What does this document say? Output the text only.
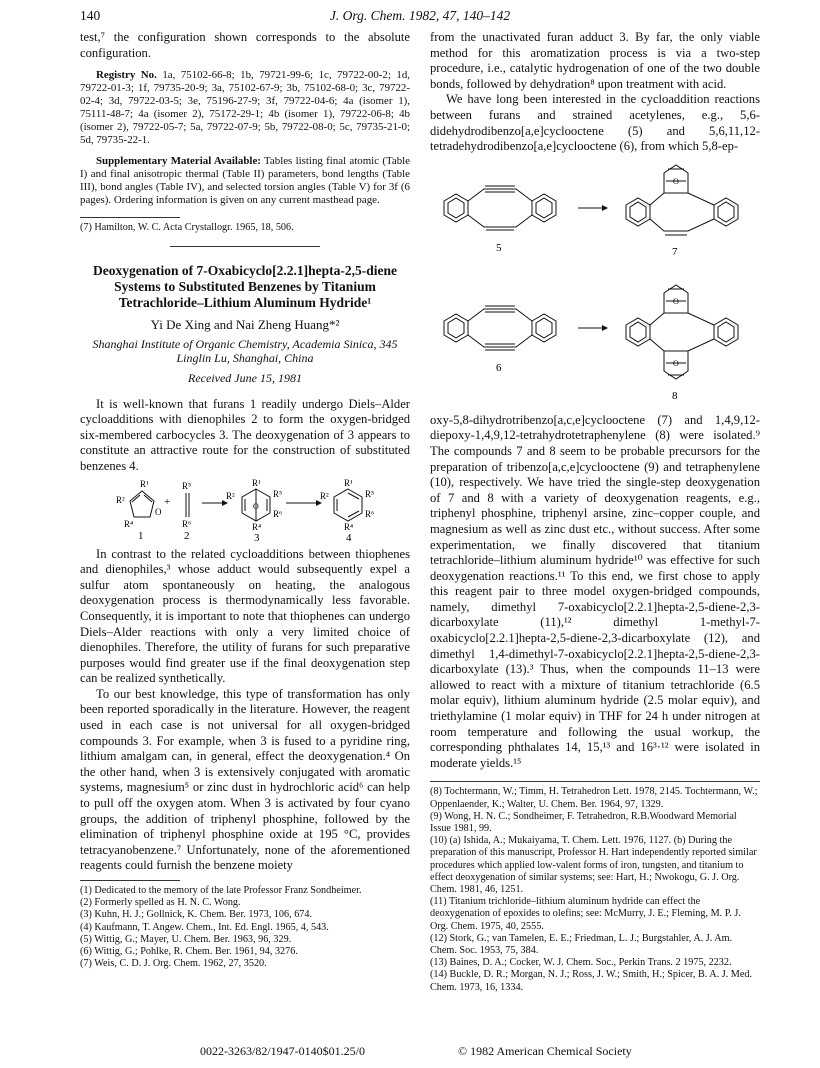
140	J. Org. Chem. 1982, 47, 140–142

test,⁷ the configuration shown corresponds to the absolute configuration.

Registry No. 1a, 75102-66-8; 1b, 79721-99-6; 1c, 79722-00-2; 1d, 79722-01-3; 1f, 79735-20-9; 3a, 75102-67-9; 3b, 75102-68-0; 3c, 79722-02-4; 3d, 79722-03-5; 3e, 75196-27-9; 3f, 79722-04-6; 4a (isomer 1), 75111-48-7; 4a (isomer 2), 75172-29-1; 4b (isomer 1), 79722-06-8; 4b (isomer 2), 79722-05-7; 5a, 79722-07-9; 5b, 79722-08-0; 5c, 79735-21-0; 5d, 79735-22-1.

Supplementary Material Available: Tables listing final atomic (Table I) and final anisotropic thermal (Table II) parameters, bond lengths (Table III), bond angles (Table IV), and selected torsion angles (Table V) for 3f (6 pages). Ordering information is given on any current masthead page.

(7) Hamilton, W. C. Acta Crystallogr. 1965, 18, 506.

Deoxygenation of 7-Oxabicyclo[2.2.1]hepta-2,5-diene Systems to Substituted Benzenes by Titanium Tetrachloride–Lithium Aluminum Hydride¹
Yi De Xing and Nai Zheng Huang*²
Shanghai Institute of Organic Chemistry, Academia Sinica, 345 Linglin Lu, Shanghai, China
Received June 15, 1981

It is well-known that furans 1 readily undergo Diels–Alder cycloadditions with dienophiles 2 to form the oxygen-bridged six-membered carbocycles 3. The deoxygenation of 3 appears to constitute an attractive route for the construction of substituted benzenes 4.

R¹
R²
O
R⁴
1
+
R⁵
R⁶
2
O
R¹
R²	R⁵
R⁶
R⁴
3
R¹
R²	R⁵
R⁶
R⁴
4

In contrast to the related cycloadditions between thiophenes and dienophiles,³ whose adduct would subsequently expel a sulfur atom spontaneously on heating, the analogous deoxygenation process is thermodynamically less favorable. Consequently, it is important to note that thiophenes can undergo Diels–Alder reactions with only a very limited choice of dienophiles. Therefore, the utility of furans for such preparative purposes would find greater use if the final deoxygenation step can be realized synthetically.

To our best knowledge, this type of transformation has only been reported sporadically in the literature. However, the reagent used in each case is not universal for all oxygen-bridged compounds 3. For example, when 3 is fused to a pyridine ring, lithium amalgam can, in general, effect the deoxygenation.⁴ On the other hand, when 3 is extensively conjugated with aromatic systems, magnesium⁵ or zinc dust in hydrochloric acid⁶ can help to pull off the oxygen atom. When 3 is activated by four cyano groups, the addition of triphenyl phosphine, followed by the elimination of triphenyl phosphine oxide at 195 °C, provides tetracyanobenzene.⁷ Unfortunately, none of the aforementioned reagents could furnish the benzene moiety

(1) Dedicated to the memory of the late Professor Franz Sondheimer.

(2) Formerly spelled as H. N. C. Wong.

(3) Kuhn, H. J.; Gollnick, K. Chem. Ber. 1973, 106, 674.

(4) Kaufmann, T. Angew. Chem., Int. Ed. Engl. 1965, 4, 543.

(5) Wittig, G.; Mayer, U. Chem. Ber. 1963, 96, 329.

(6) Wittig, G.; Pohlke, R. Chem. Ber. 1961, 94, 3276.

(7) Weis, C. D. J. Org. Chem. 1962, 27, 3520.

from the unactivated furan adduct 3. By far, the only viable method for this aromatization process is via a two-step procedure, i.e., catalytic hydrogenation of one of the two double bonds, followed by dehydration⁸ upon treatment with acid.

We have long been interested in the cycloaddition reactions between furans and strained acetylenes, e.g., 5,6-didehydrodibenzo[a,e]cyclooctene (5) and 5,6,11,12-tetradehydrodibenzo[a,e]cyclooctene (6), from which 5,8-ep-

5
O
7
6
O
O
8

oxy-5,8-dihydrotribenzo[a,c,e]cyclooctene (7) and 1,4,9,12-diepoxy-1,4,9,12-tetrahydrotetraphenylene (8) were isolated.⁹ The compounds 7 and 8 seem to be probable precursors for the preparation of tribenzo[a,c,e]cyclooctene (9) and tetraphenylene (10), respectively. We have tried the single-step deoxygenation of 7 and 8 with a variety of deoxygenation reagents, e.g., triphenyl phosphine, triphenyl arsine, zinc–copper couple, and magnesium as well as zinc dust etc., without success. After some experimentation, we finally discovered that titanium tetrachloride–lithium aluminum hydride¹⁰ was effective for such deoxygenation reactions.¹¹ To this end, we first chose to apply this reagent pair to three model oxygen-bridged compounds, namely, dimethyl 7-oxabicyclo[2.2.1]hepta-2,5-diene-2,3-dicarboxylate (11),¹² dimethyl 1-methyl-7-oxabicyclo[2.2.1]hepta-2,5-diene-2,3-dicarboxylate (12), and dimethyl 1,4-dimethyl-7-oxabicyclo[2.2.1]hepta-2,5-diene-2,3-dicarboxylate (13).³ Thus, when the compounds 11–13 were allowed to react with a mixture of titanium tetrachloride (6.5 molar equiv), lithium aluminum hydride (2.5 molar equiv), and triethylamine (1 molar equiv) in THF for 24 h under nitrogen at room temperature and following the usual workup, the corresponding phthalates 14, 15,¹³ and 16³·¹² were isolated in moderate yields.¹⁵

(8) Tochtermann, W.; Timm, H. Tetrahedron Lett. 1978, 2145. Tochtermann, W.; Oppenlaender, K.; Walter, U. Chem. Ber. 1964, 97, 1329.

(9) Wong, H. N. C.; Sondheimer, F. Tetrahedron, R.B.Woodward Memorial Issue 1981, 99.

(10) (a) Ishida, A.; Mukaiyama, T. Chem. Lett. 1976, 1127. (b) During the preparation of this manuscript, Professor H. Hart independently reported similar procedures which applied low-valent forms of iron, tungsten, and titanium to effect deoxygenation of similar systems; see: Hart, H.; Nwokogu, G. J. Org. Chem. 1981, 46, 1251.

(11) Titanium trichloride–lithium aluminum hydride can effect the deoxygenation of epoxides to olefins; see: McMurry, J. E.; Fleming, M. P. J. Org. Chem. 1975, 40, 2555.

(12) Stork, G.; van Tamelen, E. E.; Friedman, L. J.; Burgstahler, A. J. Am. Chem. Soc. 1953, 75, 384.

(13) Baines, D. A.; Cocker, W. J. Chem. Soc., Perkin Trans. 2 1975, 2232.

(14) Buckle, D. R.; Morgan, N. J.; Ross, J. W.; Smith, H.; Spicer, B. A. J. Med. Chem. 1973, 16, 1334.

0022-3263/82/1947-0140$01.25/0	© 1982 American Chemical Society
